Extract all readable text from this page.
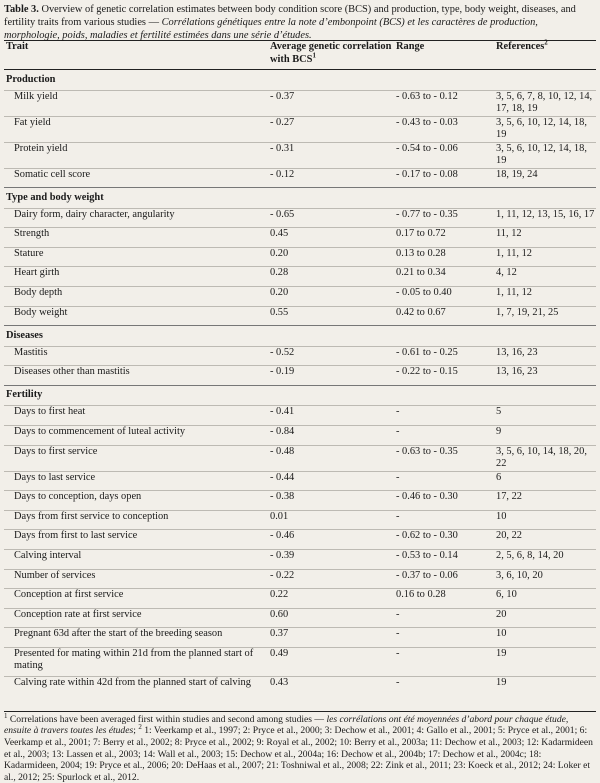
Table 3. Overview of genetic correlation estimates between body condition score (BCS) and production, type, body weight, diseases, and fertility traits from various studies — Corrélations génétiques entre la note d’embonpoint (BCS) et les caractères de production, morphologie, poids, maladies et fertilité estimées dans une série d’études.
Trait	Average genetic correlation with BCS$^1$	Range	References$^2$
Production			
Milk yield	- 0.37	- 0.63 to - 0.12	3, 5, 6, 7, 8, 10, 12, 14, 17, 18, 19
Fat yield	- 0.27	- 0.43 to - 0.03	3, 5, 6, 10, 12, 14, 18, 19
Protein yield	- 0.31	- 0.54 to - 0.06	3, 5, 6, 10, 12, 14, 18, 19
Somatic cell score	- 0.12	- 0.17 to - 0.08	18, 19, 24
Type and body weight			
Dairy form, dairy character, angularity	- 0.65	- 0.77 to - 0.35	1, 11, 12, 13, 15, 16, 17
Strength	0.45	0.17 to 0.72	11, 12
Stature	0.20	0.13 to 0.28	1, 11, 12
Heart girth	0.28	0.21 to 0.34	4, 12
Body depth	0.20	- 0.05 to 0.40	1, 11, 12
Body weight	0.55	0.42 to 0.67	1, 7, 19, 21, 25
Diseases			
Mastitis	- 0.52	- 0.61 to - 0.25	13, 16, 23
Diseases other than mastitis	- 0.19	- 0.22 to - 0.15	13, 16, 23
Fertility			
Days to first heat	- 0.41	-	5
Days to commencement of luteal activity	- 0.84	-	9
Days to first service	- 0.48	- 0.63 to - 0.35	3, 5, 6, 10, 14, 18, 20, 22
Days to last service	- 0.44	-	6
Days to conception, days open	- 0.38	- 0.46 to - 0.30	17, 22
Days from first service to conception	0.01	-	10
Days from first to last service	- 0.46	- 0.62 to - 0.30	20, 22
Calving interval	- 0.39	- 0.53 to - 0.14	2, 5, 6, 8, 14, 20
Number of services	- 0.22	- 0.37 to - 0.06	3, 6, 10, 20
Conception at first service	0.22	0.16 to 0.28	6, 10
Conception rate at first service	0.60	-	20
Pregnant 63d after the start of the breeding season	0.37	-	10
Presented for mating within 21d from the planned start of mating	0.49	-	19
Calving rate within 42d from the planned start of calving	0.43	-	19
$^1$ Correlations have been averaged first within studies and second among studies — les corrélations ont été moyennées d’abord pour chaque étude, ensuite à travers toutes les études; $^2$ 1: Veerkamp et al., 1997; 2: Pryce et al., 2000; 3: Dechow et al., 2001; 4: Gallo et al., 2001; 5: Pryce et al., 2001; 6: Veerkamp et al., 2001; 7: Berry et al., 2002; 8: Pryce et al., 2002; 9: Royal et al., 2002; 10: Berry et al., 2003a; 11: Dechow et al., 2003; 12: Kadarmideen et al., 2003; 13: Lassen et al., 2003; 14: Wall et al., 2003; 15: Dechow et al., 2004a; 16: Dechow et al., 2004b; 17: Dechow et al., 2004c; 18: Kadarmideen, 2004; 19: Pryce et al., 2006; 20: DeHaas et al., 2007; 21: Toshniwal et al., 2008; 22: Zink et al., 2011; 23: Koeck et al., 2012; 24: Loker et al., 2012; 25: Spurlock et al., 2012.
